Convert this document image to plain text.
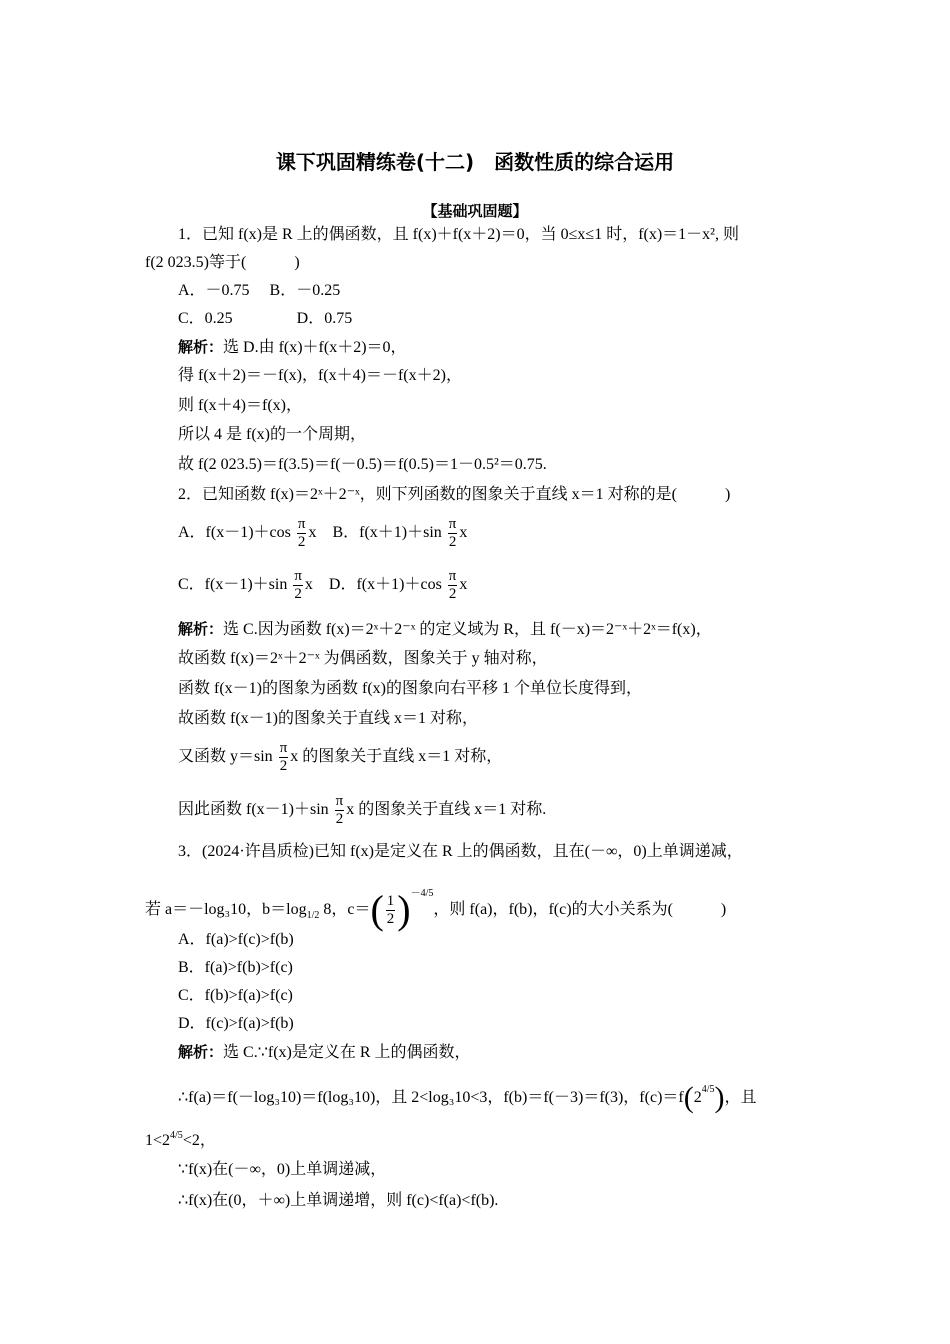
课下巩固精练卷(十二)　函数性质的综合运用
【基础巩固题】
1．已知 f(x)是 R 上的偶函数，且 f(x)＋f(x＋2)＝0，当 0≤x≤1 时，f(x)＝1－x², 则
f(2 023.5)等于(　　　)
A．－0.75　 B．－0.25
C．0.25　　　　D．0.75
解析：选 D.由 f(x)＋f(x＋2)＝0，
得 f(x＋2)＝－f(x)，f(x＋4)＝－f(x＋2)，
则 f(x＋4)＝f(x)，
所以 4 是 f(x)的一个周期，
故 f(2 023.5)＝f(3.5)＝f(－0.5)＝f(0.5)＝1－0.5²＝0.75.
2．已知函数 f(x)＝2ˣ＋2⁻ˣ，则下列函数的图象关于直线 x＝1 对称的是(　　　)
A．$f(x-1)+\cos \frac{\pi}{2}$ x　B．$f(x+1)+\sin \frac{\pi}{2}$ x
C．$f(x-1)+\sin \frac{\pi}{2}$ x　D．$f(x+1)+\cos \frac{\pi}{2}$ x
解析：选 C.因为函数 f(x)＝2ˣ＋2⁻ˣ 的定义域为 R，且 f(－x)＝2⁻ˣ＋2ˣ＝f(x)，
故函数 f(x)＝2ˣ＋2⁻ˣ 为偶函数，图象关于 y 轴对称，
函数 f(x－1)的图象为函数 f(x)的图象向右平移 1 个单位长度得到，
故函数 f(x－1)的图象关于直线 x＝1 对称，
又函数 $y=\sin \frac{\pi}{2}$ x 的图象关于直线 x＝1 对称，
因此函数 $f(x-1)+\sin \frac{\pi}{2}$ x 的图象关于直线 x＝1 对称.
3．(2024·许昌质检)已知 f(x)是定义在 R 上的偶函数，且在(－∞，0)上单调递减，
若 a＝－log₃10，$b=\log_{1/2}$ 8，$c=( \frac{1}{2} )^{-4/5}$，则 f(a)，f(b)，f(c)的大小关系为(　　　)
A．f(a)>f(c)>f(b)
B．f(a)>f(b)>f(c)
C．f(b)>f(a)>f(c)
D．f(c)>f(a)>f(b)
解析：选 C.∵f(x)是定义在 R 上的偶函数，
∴f(a)＝f(－log₃10)＝f(log₃10)，且 2<log₃10<3，f(b)＝f(－3)＝f(3)，$f(c)=f(2^{4/5})$，且
$1<2^{4/5}<2$，
∵f(x)在(－∞，0)上单调递减，
∴f(x)在(0，＋∞)上单调递增，则 f(c)<f(a)<f(b).
